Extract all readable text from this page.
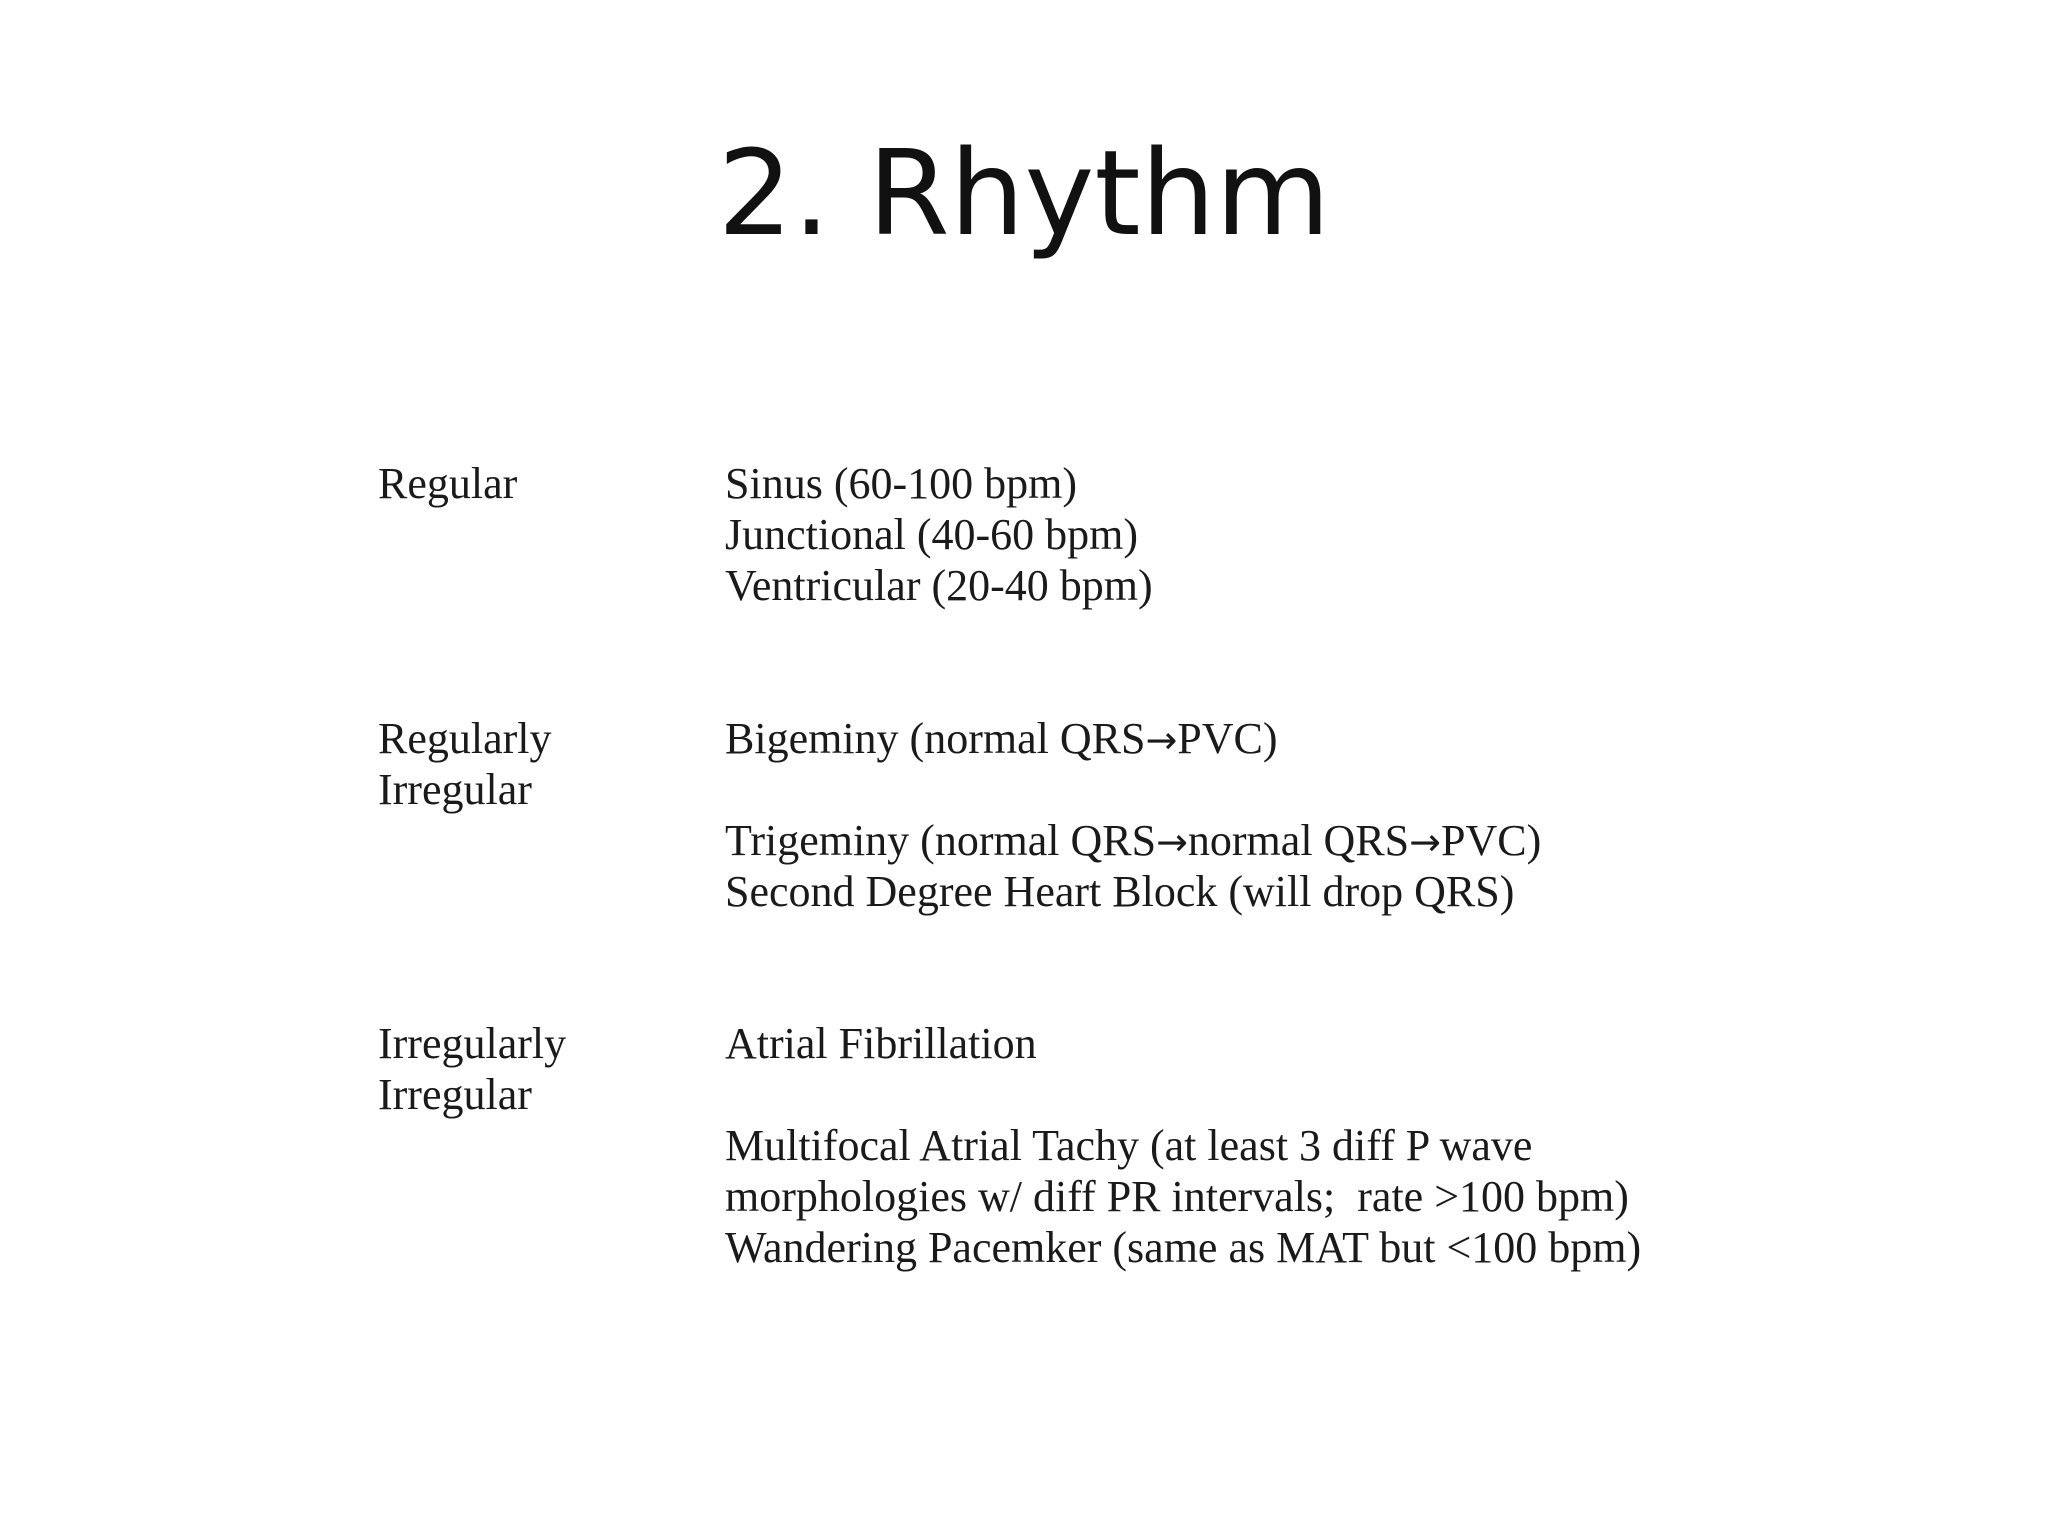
2. Rhythm
Regular	Sinus (60-100 bpm)
Junctional (40-60 bpm)
Ventricular (20-40 bpm)
Regularly
Irregular
Bigeminy (normal QRS→PVC)
Trigeminy (normal QRS→normal QRS→PVC)
Second Degree Heart Block (will drop QRS)
Irregularly
Irregular
Atrial Fibrillation
Multifocal Atrial Tachy (at least 3 diff P wave
morphologies w/ diff PR intervals;  rate >100 bpm)
Wandering Pacemker (same as MAT but <100 bpm)
